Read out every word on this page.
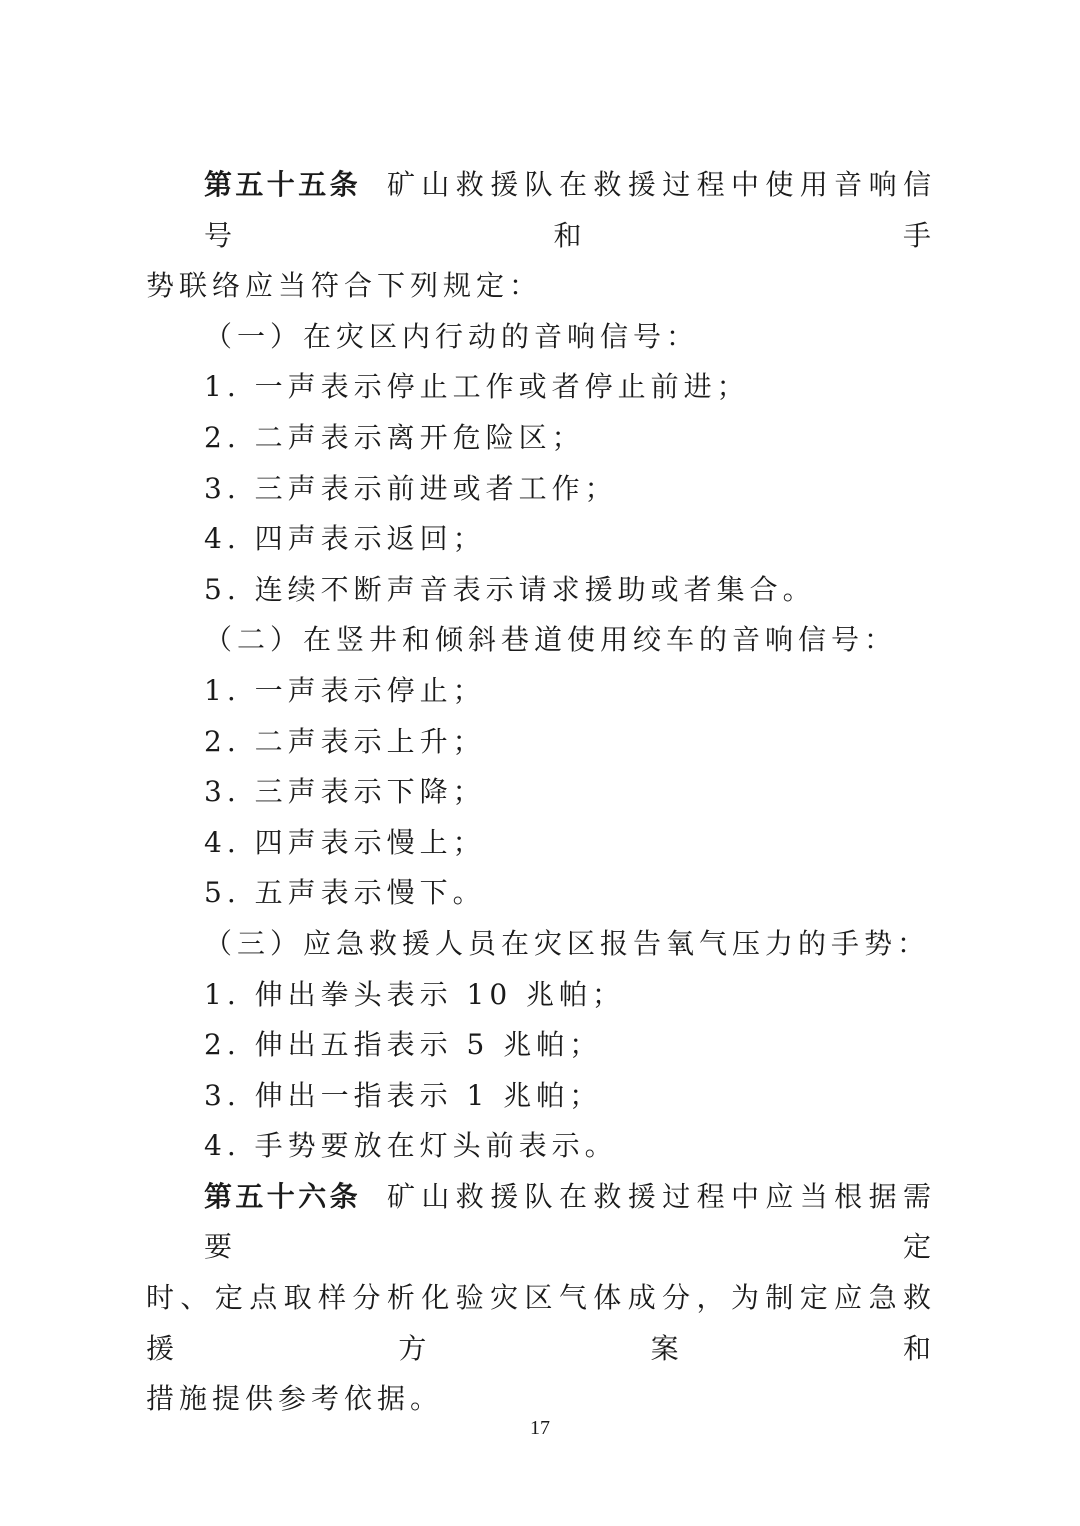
第五十五条 矿山救援队在救援过程中使用音响信号和手

势联络应当符合下列规定：

（一）在灾区内行动的音响信号：

1. 一声表示停止工作或者停止前进；

2. 二声表示离开危险区；

3. 三声表示前进或者工作；

4. 四声表示返回；

5. 连续不断声音表示请求援助或者集合。

（二）在竖井和倾斜巷道使用绞车的音响信号：

1. 一声表示停止；

2. 二声表示上升；

3. 三声表示下降；

4. 四声表示慢上；

5. 五声表示慢下。

（三）应急救援人员在灾区报告氧气压力的手势：

1. 伸出拳头表示 10 兆帕；

2. 伸出五指表示 5 兆帕；

3. 伸出一指表示 1 兆帕；

4. 手势要放在灯头前表示。

第五十六条 矿山救援队在救援过程中应当根据需要定

时、定点取样分析化验灾区气体成分，为制定应急救援方案和

措施提供参考依据。

17
